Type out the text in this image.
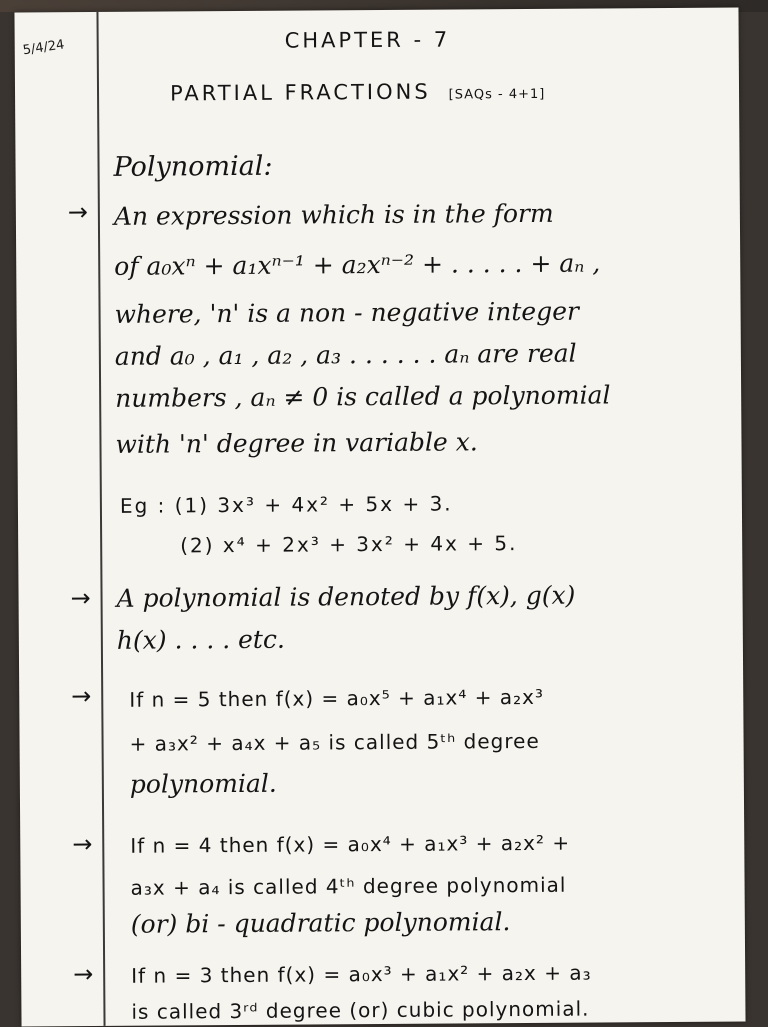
5/4/24	CHAPTER - 7
PARTIAL FRACTIONS [SAQs - 4+1]
Polynomial:
→ An expression which is in the form
of a₀xⁿ + a₁xⁿ⁻¹ + a₂xⁿ⁻² + . . . . . + aₙ ,
where, 'n' is a non - negative integer
and a₀ , a₁ , a₂ , a₃ . . . . . . aₙ are real
numbers , aₙ ≠ 0 is called a polynomial
with 'n' degree in variable x.
Eg : (1) 3x³ + 4x² + 5x + 3.
(2) x⁴ + 2x³ + 3x² + 4x + 5.
→ A polynomial is denoted by f(x), g(x)
h(x) . . . . etc.
→ If n = 5 then f(x) = a₀x⁵ + a₁x⁴ + a₂x³
+ a₃x² + a₄x + a₅ is called 5ᵗʰ degree
polynomial.
→ If n = 4 then f(x) = a₀x⁴ + a₁x³ + a₂x² +
a₃x + a₄ is called 4ᵗʰ degree polynomial
(or) bi - quadratic polynomial.
→ If n = 3 then f(x) = a₀x³ + a₁x² + a₂x + a₃
is called 3ʳᵈ degree (or) cubic polynomial.
